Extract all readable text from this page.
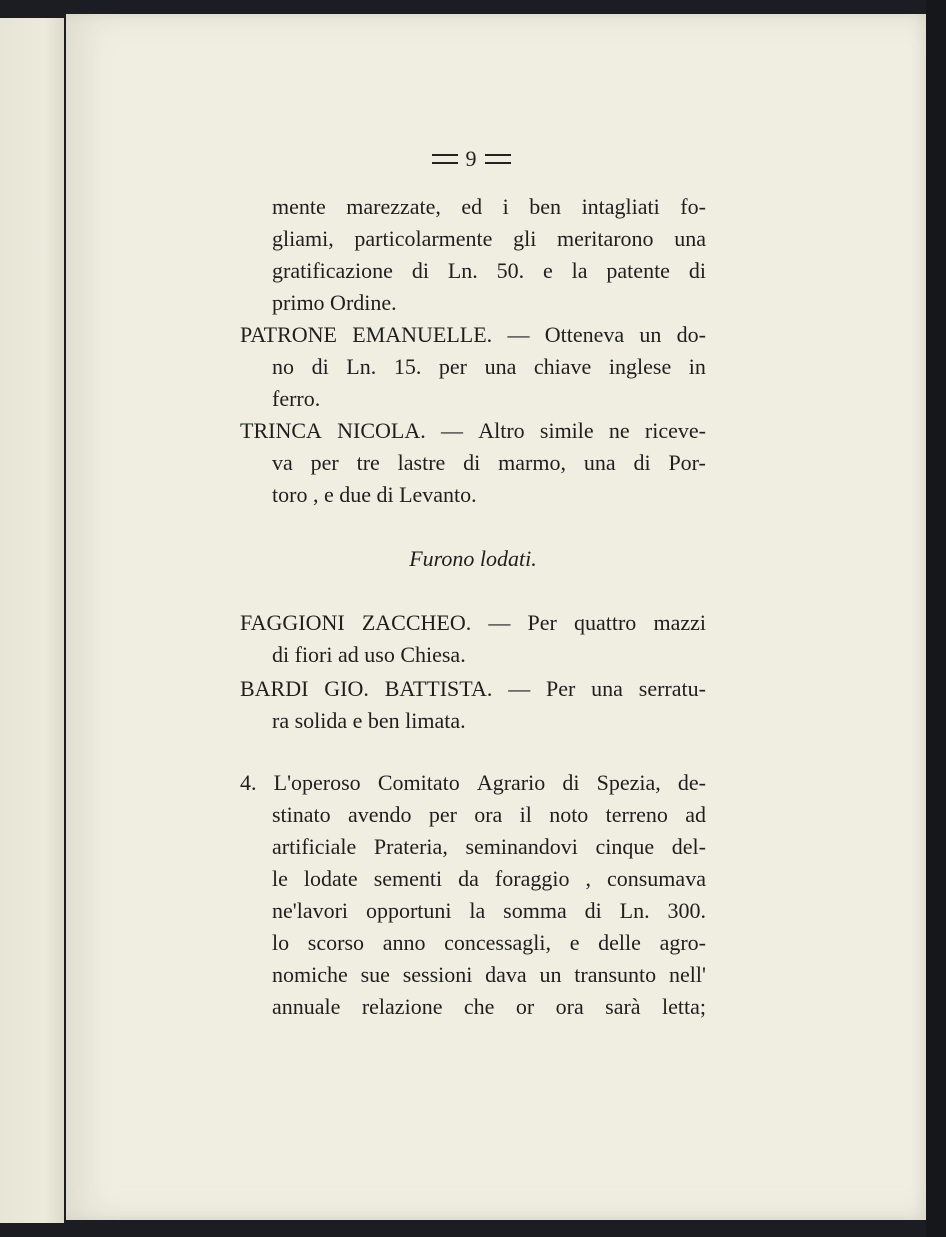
9
mente marezzate, ed i ben intagliati fo-
gliami, particolarmente gli meritarono una
gratificazione di Ln. 50. e la patente di
primo Ordine.
PATRONE EMANUELLE. — Otteneva un do-
no di Ln. 15. per una chiave inglese in
ferro.
TRINCA NICOLA. — Altro simile ne riceve-
va per tre lastre di marmo, una di Por-
toro , e due di Levanto.
Furono lodati.
FAGGIONI ZACCHEO. — Per quattro mazzi
di fiori ad uso Chiesa.
BARDI GIO. BATTISTA. — Per una serratu-
ra solida e ben limata.
4. L'operoso Comitato Agrario di Spezia, de-
stinato avendo per ora il noto terreno ad
artificiale Prateria, seminandovi cinque del-
le lodate sementi da foraggio , consumava
ne'lavori opportuni la somma di Ln. 300.
lo scorso anno concessagli, e delle agro-
nomiche sue sessioni dava un transunto nell'
annuale relazione che or ora sarà letta;
